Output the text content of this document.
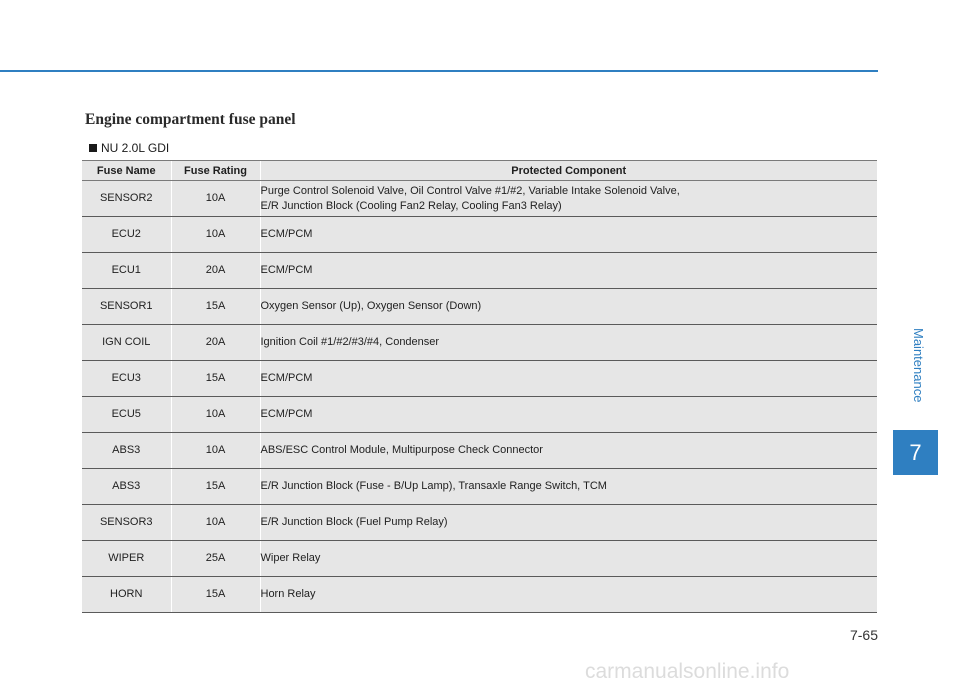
Engine compartment fuse panel
NU 2.0L GDI
Fuse Name	Fuse Rating	Protected Component
SENSOR2	10A	Purge Control Solenoid Valve, Oil Control Valve #1/#2, Variable Intake Solenoid Valve,
E/R Junction Block (Cooling Fan2 Relay, Cooling Fan3 Relay)
ECU2	10A	ECM/PCM
ECU1	20A	ECM/PCM
SENSOR1	15A	Oxygen Sensor (Up), Oxygen Sensor (Down)
IGN COIL	20A	Ignition Coil #1/#2/#3/#4, Condenser
ECU3	15A	ECM/PCM
ECU5	10A	ECM/PCM
ABS3	10A	ABS/ESC Control Module, Multipurpose Check Connector
ABS3	15A	E/R Junction Block (Fuse - B/Up Lamp), Transaxle Range Switch, TCM
SENSOR3	10A	E/R Junction Block (Fuel Pump Relay)
WIPER	25A	Wiper Relay
HORN	15A	Horn Relay
Maintenance
7
7-65
carmanualsonline.info
